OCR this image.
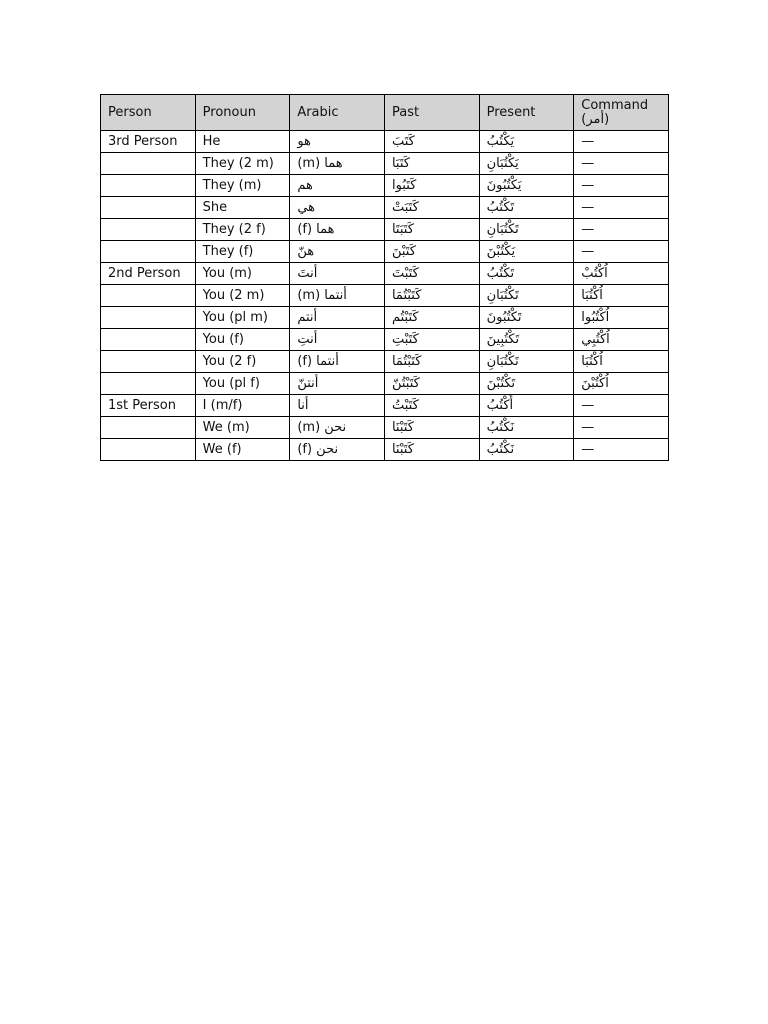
Person	Pronoun	Arabic	Past	Present	Command (أمر)
3rd Person	He	هو	كَتَبَ	يَكْتُبُ	—
	They (2 m)	هما (m)	كَتَبَا	يَكْتُبَانِ	—
	They (m)	هم	كَتَبُوا	يَكْتُبُونَ	—
	She	هي	كَتَبَتْ	تَكْتُبُ	—
	They (2 f)	هما (f)	كَتَبَتَا	تَكْتُبَانِ	—
	They (f)	هنّ	كَتَبْنَ	يَكْتُبْنَ	—
2nd Person	You (m)	أنتَ	كَتَبْتَ	تَكْتُبُ	اُكْتُبْ
	You (2 m)	أنتما (m)	كَتَبْتُمَا	تَكْتُبَانِ	اُكْتُبَا
	You (pl m)	أنتم	كَتَبْتُم	تَكْتُبُونَ	اُكْتُبُوا
	You (f)	أنتِ	كَتَبْتِ	تَكْتُبِينَ	اُكْتُبِي
	You (2 f)	أنتما (f)	كَتَبْتُمَا	تَكْتُبَانِ	اُكْتُبَا
	You (pl f)	أنتنّ	كَتَبْتُنّ	تَكْتُبْنَ	اُكْتُبْنَ
1st Person	I (m/f)	أنا	كَتَبْتُ	أَكْتُبُ	—
	We (m)	نحن (m)	كَتَبْنَا	نَكْتُبُ	—
	We (f)	نحن (f)	كَتَبْنَا	نَكْتُبُ	—
